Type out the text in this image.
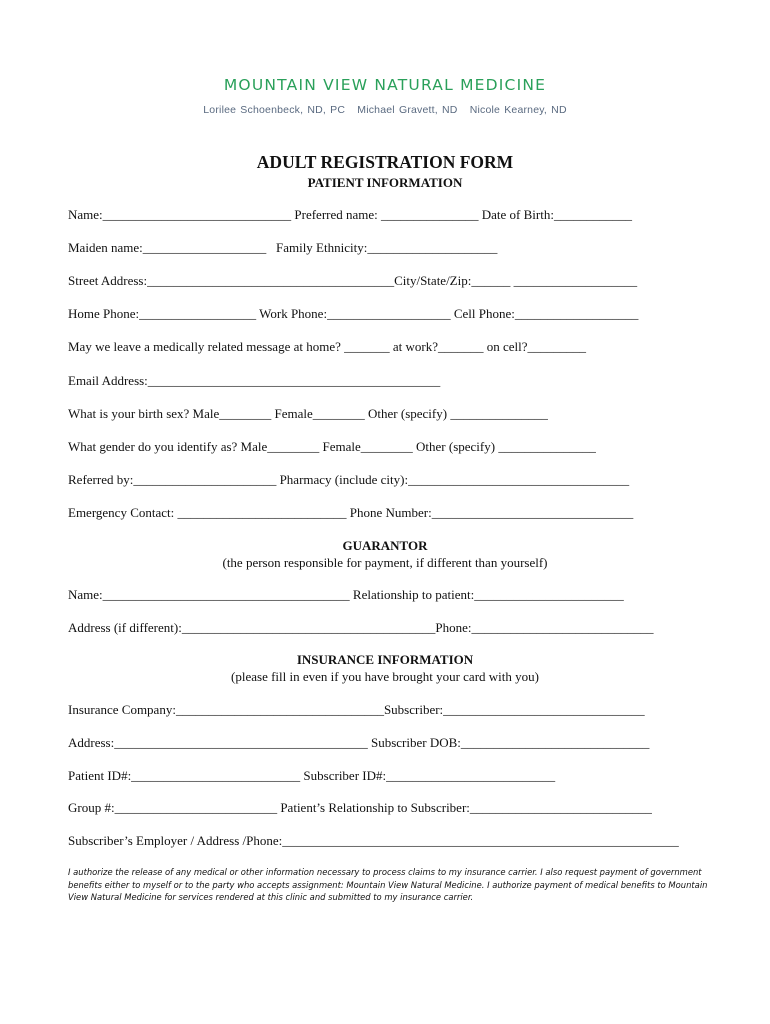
MOUNTAIN VIEW NATURAL MEDICINE
Lorilee Schoenbeck, ND, PC Michael Gravett, ND Nicole Kearney, ND
ADULT REGISTRATION FORM
PATIENT INFORMATION
Name:_____________________________ Preferred name: _______________ Date of Birth:____________
Maiden name:___________________   Family Ethnicity:____________________
Street Address:______________________________________City/State/Zip:______ ___________________
Home Phone:__________________ Work Phone:___________________ Cell Phone:___________________
May we leave a medically related message at home? _______ at work?_______ on cell?_________
Email Address:_____________________________________________
What is your birth sex? Male________ Female________ Other (specify) _______________
What gender do you identify as? Male________ Female________ Other (specify) _______________
Referred by:______________________ Pharmacy (include city):__________________________________
Emergency Contact: __________________________ Phone Number:_______________________________
GUARANTOR
(the person responsible for payment, if different than yourself)
Name:______________________________________ Relationship to patient:_______________________
Address (if different):_______________________________________Phone:____________________________
INSURANCE INFORMATION
(please fill in even if you have brought your card with you)
Insurance Company:________________________________Subscriber:_______________________________
Address:_______________________________________ Subscriber DOB:_____________________________
Patient ID#:__________________________ Subscriber ID#:__________________________
Group #:_________________________ Patient’s Relationship to Subscriber:____________________________
Subscriber’s Employer / Address /Phone:_____________________________________________________________
I authorize the release of any medical or other information necessary to process claims to my insurance carrier. I also request payment of government benefits either to myself or to the party who accepts assignment: Mountain View Natural Medicine. I authorize payment of medical benefits to Mountain View Natural Medicine for services rendered at this clinic and submitted to my insurance carrier.
